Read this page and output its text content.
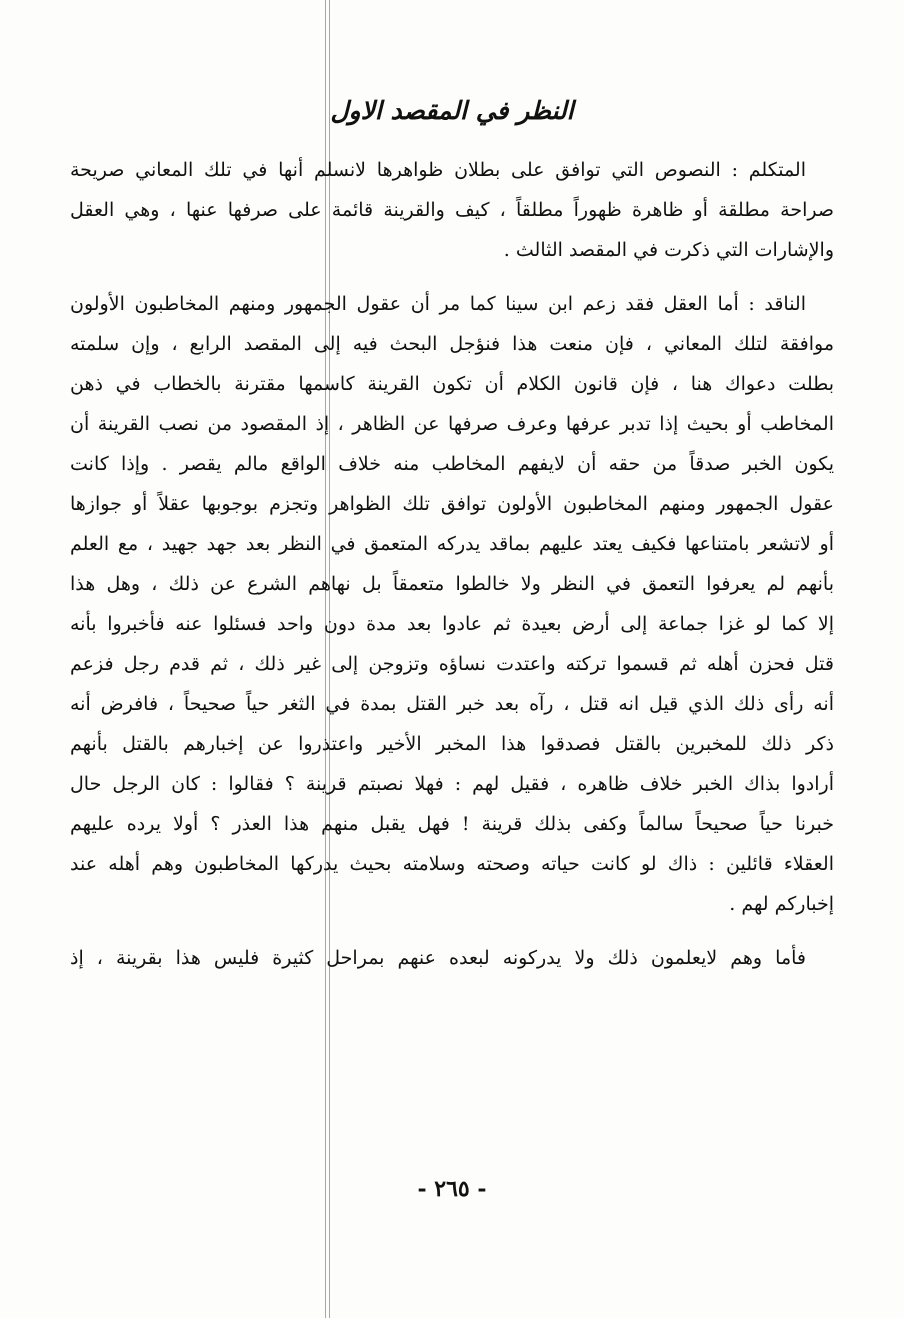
النظر في المقصد الاول
المتكلم : النصوص التي توافق على بطلان ظواهرها لانسلم أنها في تلك المعاني صريحة
صراحة مطلقة أو ظاهرة ظهوراً مطلقاً ، كيف والقرينة قائمة على صرفها عنها ، وهي العقل
والإشارات التي ذكرت في المقصد الثالث .
الناقد : أما العقل فقد زعم ابن سينا كما مر أن عقول الجمهور ومنهم المخاطبون الأولون
موافقة لتلك المعاني ، فإن منعت هذا فنؤجل البحث فيه إلى المقصد الرابع ، وإن سلمته
بطلت دعواك هنا ، فإن قانون الكلام أن تكون القرينة كاسمها مقترنة بالخطاب في ذهن
المخاطب أو بحيث إذا تدبر عرفها وعرف صرفها عن الظاهر ، إذ المقصود من نصب القرينة أن
يكون الخبر صدقاً من حقه أن لايفهم المخاطب منه خلاف الواقع مالم يقصر . وإذا كانت
عقول الجمهور ومنهم المخاطبون الأولون توافق تلك الظواهر وتجزم بوجوبها عقلاً أو جوازها
أو لاتشعر بامتناعها فكيف يعتد عليهم بماقد يدركه المتعمق في النظر بعد جهد جهيد ، مع العلم
بأنهم لم يعرفوا التعمق في النظر ولا خالطوا متعمقاً بل نهاهم الشرع عن ذلك ، وهل هذا
إلا كما لو غزا جماعة إلى أرض بعيدة ثم عادوا بعد مدة دون واحد فسئلوا عنه فأخبروا بأنه
قتل فحزن أهله ثم قسموا تركته واعتدت نساؤه وتزوجن إلى غير ذلك ، ثم قدم رجل فزعم
أنه رأى ذلك الذي قيل انه قتل ، رآه بعد خبر القتل بمدة في الثغر حياً صحيحاً ، فافرض أنه
ذكر ذلك للمخبرين بالقتل فصدقوا هذا المخبر الأخير واعتذروا عن إخبارهم بالقتل بأنهم
أرادوا بذاك الخبر خلاف ظاهره ، فقيل لهم : فهلا نصبتم قرينة ؟ فقالوا : كان الرجل حال
خبرنا حياً صحيحاً سالماً وكفى بذلك قرينة ! فهل يقبل منهم هذا العذر ؟ أولا يرده عليهم
العقلاء قائلين : ذاك لو كانت حياته وصحته وسلامته بحيث يدركها المخاطبون وهم أهله عند
إخباركم لهم .
فأما وهم لايعلمون ذلك ولا يدركونه لبعده عنهم بمراحل كثيرة فليس هذا بقرينة ، إذ
- ٢٦٥ -
